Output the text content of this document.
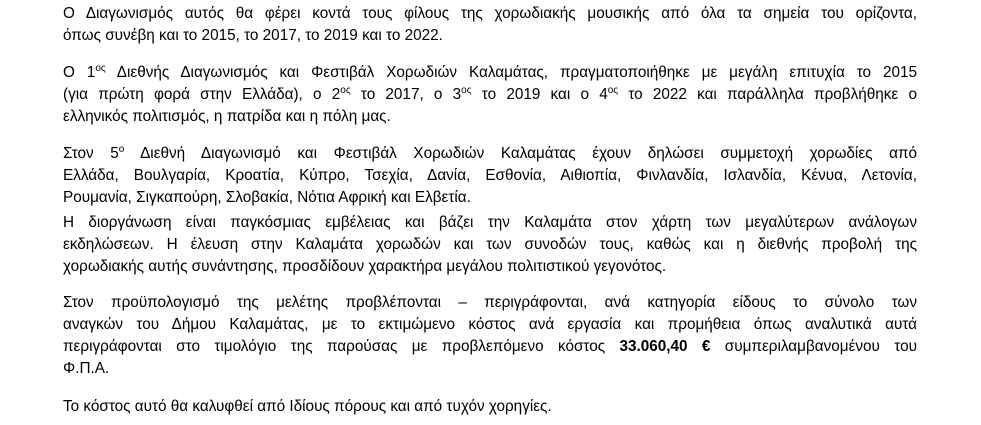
Ο Διαγωνισμός αυτός θα φέρει κοντά τους φίλους της χορωδιακής μουσικής από όλα τα σημεία του ορίζοντα,
όπως συνέβη και το 2015, το 2017, το 2019 και το 2022.
Ο $1^{o\varsigma}$ Διεθνής Διαγωνισμός και Φεστιβάλ Χορωδιών Καλαμάτας, πραγματοποιήθηκε με μεγάλη επιτυχία το 2015
(για πρώτη φορά στην Ελλάδα), ο $2^{o\varsigma}$ το 2017, ο $3^{o\varsigma}$ το 2019 και ο $4^{o\varsigma}$ το 2022 και παράλληλα προβλήθηκε ο
ελληνικός πολιτισμός, η πατρίδα και η πόλη μας.
Στον $5^o$ Διεθνή Διαγωνισμό και Φεστιβάλ Χορωδιών Καλαμάτας έχουν δηλώσει συμμετοχή χορωδίες από
Ελλάδα, Βουλγαρία, Κροατία, Κύπρο, Τσεχία, Δανία, Εσθονία, Αιθιοπία, Φινλανδία, Ισλανδία, Κένυα, Λετονία,
Ρουμανία, Σιγκαπούρη, Σλοβακία, Νότια Αφρική και Ελβετία.
Η διοργάνωση είναι παγκόσμιας εμβέλειας και βάζει την Καλαμάτα στον χάρτη των μεγαλύτερων ανάλογων
εκδηλώσεων. Η έλευση στην Καλαμάτα χορωδών και των συνοδών τους, καθώς και η διεθνής προβολή της
χορωδιακής αυτής συνάντησης, προσδίδουν χαρακτήρα μεγάλου πολιτιστικού γεγονότος.
Στον προϋπολογισμό της μελέτης προβλέπονται – περιγράφονται, ανά κατηγορία είδους το σύνολο των
αναγκών του Δήμου Καλαμάτας, με το εκτιμώμενο κόστος ανά εργασία και προμήθεια όπως αναλυτικά αυτά
περιγράφονται στο τιμολόγιο της παρούσας με προβλεπόμενο κόστος 33.060,40 € συμπεριλαμβανομένου του
Φ.Π.Α.
Το κόστος αυτό θα καλυφθεί από Ιδίους πόρους και από τυχόν χορηγίες.
